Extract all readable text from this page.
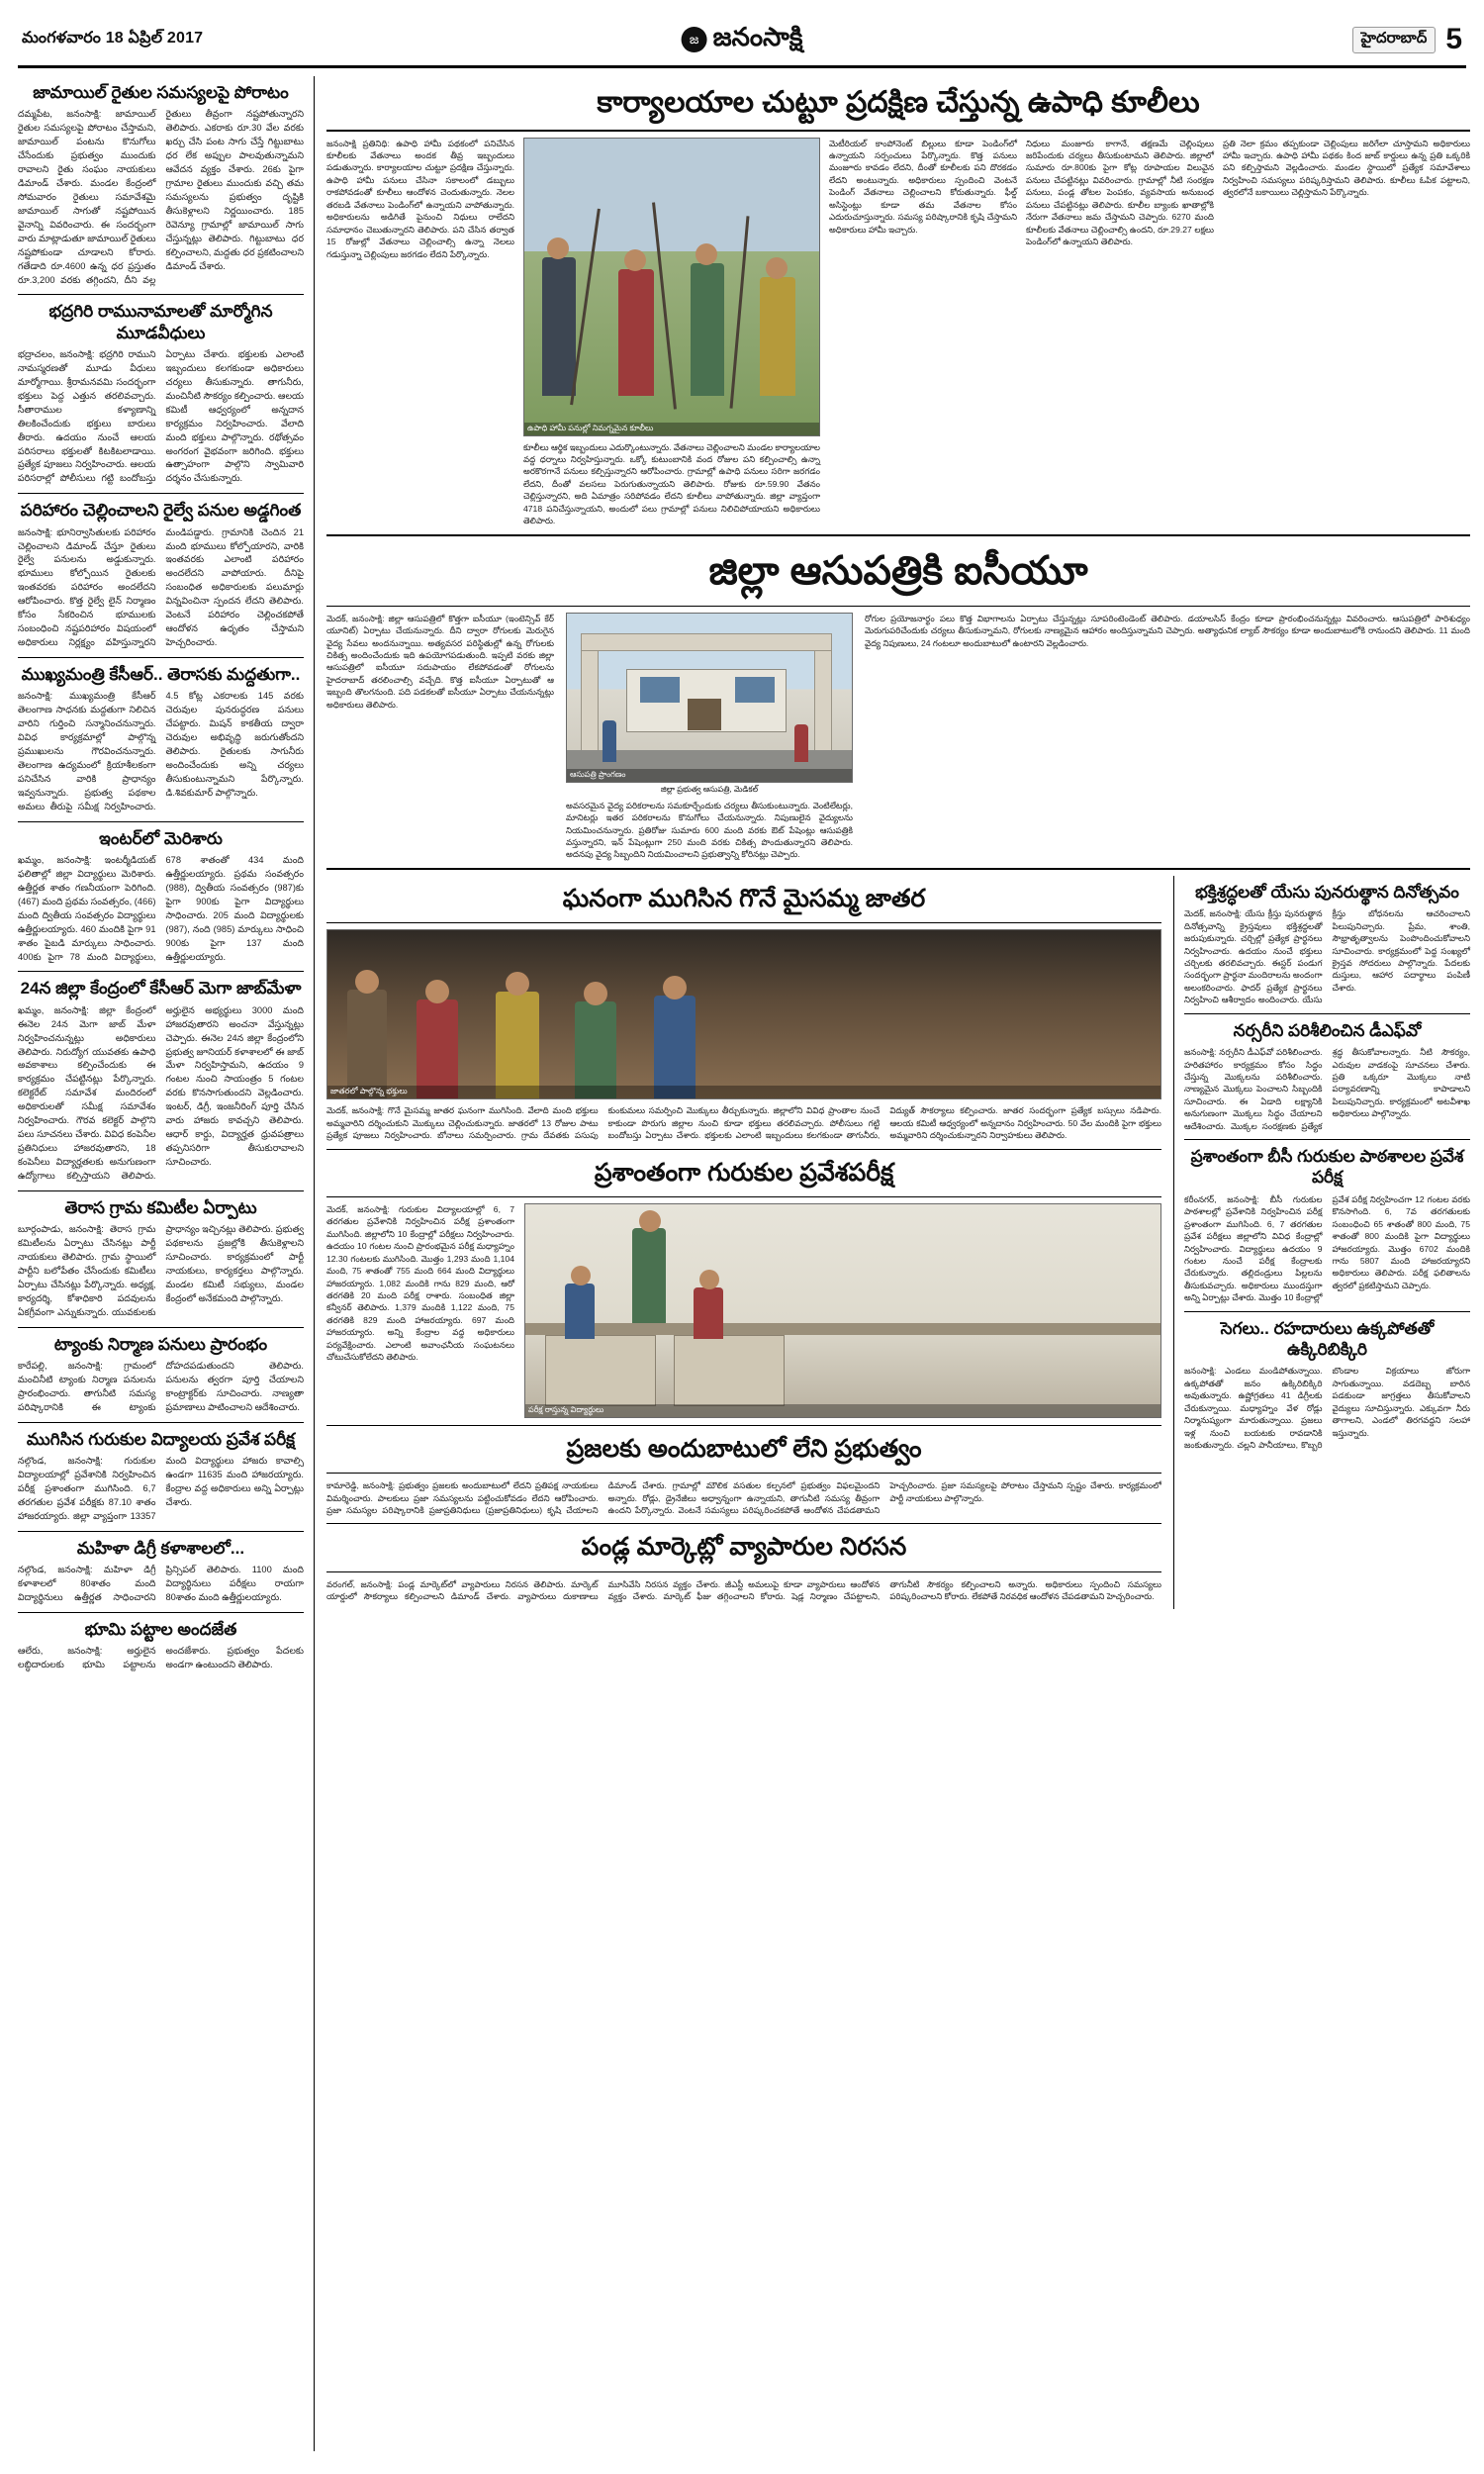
మంగళవారం 18 ఏప్రిల్ 2017	జ జనంసాక్షి	హైదరాబాద్ 5
జామాయిల్ రైతుల సమస్యలపై పోరాటం
దమ్మపేట, జనంసాక్షి: జామాయిల్ రైతుల సమస్యలపై పోరాటం చేస్తామని, జామాయిల్ పంటను కొనుగోలు చేసేందుకు ప్రభుత్వం ముందుకు రావాలని రైతు సంఘం నాయకులు డిమాండ్ చేశారు. మండల కేంద్రంలో సోమవారం రైతులు సమావేశమై జామాయిల్ సాగుతో నష్టపోయిన వైనాన్ని వివరించారు. ఈ సందర్భంగా వారు మాట్లాడుతూ జామాయిల్ రైతులు నష్టపోకుండా చూడాలని కోరారు. గతేడాది రూ.4600 ఉన్న ధర ప్రస్తుతం రూ.3,200 వరకు తగ్గిందని, దీని వల్ల రైతులు తీవ్రంగా నష్టపోతున్నారని తెలిపారు. ఎకరాకు రూ.30 వేల వరకు ఖర్చు చేసి పంట సాగు చేస్తే గిట్టుబాటు ధర లేక అప్పుల పాలవుతున్నామని ఆవేదన వ్యక్తం చేశారు. 26కు పైగా గ్రామాల రైతులు ముందుకు వచ్చి తమ సమస్యలను ప్రభుత్వం దృష్టికి తీసుకెళ్లాలని నిర్ణయించారు. 185 రెవెన్యూ గ్రామాల్లో జామాయిల్ సాగు చేస్తున్నట్లు తెలిపారు. గిట్టుబాటు ధర కల్పించాలని, మద్దతు ధర ప్రకటించాలని డిమాండ్ చేశారు.
భద్రగిరి రామునామాలతో మార్మోగిన మూడవీధులు
భద్రాచలం, జనంసాక్షి: భద్రగిరి రాముని నామస్మరణతో మూడు వీధులు మార్మోగాయి. శ్రీరామనవమి సందర్భంగా భక్తులు పెద్ద ఎత్తున తరలివచ్చారు. సీతారాముల కళ్యాణాన్ని తిలకించేందుకు భక్తులు బారులు తీరారు. ఉదయం నుంచే ఆలయ పరిసరాలు భక్తులతో కిటకిటలాడాయి. ప్రత్యేక పూజలు నిర్వహించారు. ఆలయ పరిసరాల్లో పోలీసులు గట్టి బందోబస్తు ఏర్పాటు చేశారు. భక్తులకు ఎలాంటి ఇబ్బందులు కలగకుండా అధికారులు చర్యలు తీసుకున్నారు. తాగునీరు, మంచినీటి సౌకర్యం కల్పించారు. ఆలయ కమిటీ ఆధ్వర్యంలో అన్నదాన కార్యక్రమం నిర్వహించారు. వేలాది మంది భక్తులు పాల్గొన్నారు. రథోత్సవం అంగరంగ వైభవంగా జరిగింది. భక్తులు ఉత్సాహంగా పాల్గొని స్వామివారి దర్శనం చేసుకున్నారు.
పరిహారం చెల్లించాలని రైల్వే పనుల అడ్డగింత
జనంసాక్షి: భూనిర్వాసితులకు పరిహారం చెల్లించాలని డిమాండ్ చేస్తూ రైతులు రైల్వే పనులను అడ్డుకున్నారు. భూములు కోల్పోయిన రైతులకు ఇంతవరకు పరిహారం అందలేదని ఆరోపించారు. కొత్త రైల్వే లైన్ నిర్మాణం కోసం సేకరించిన భూములకు సంబంధించి నష్టపరిహారం విషయంలో అధికారులు నిర్లక్ష్యం వహిస్తున్నారని మండిపడ్డారు. గ్రామానికి చెందిన 21 మంది భూములు కోల్పోయారని, వారికి ఇంతవరకు ఎలాంటి పరిహారం అందలేదని వాపోయారు. దీనిపై సంబంధిత అధికారులకు పలుమార్లు విన్నవించినా స్పందన లేదని తెలిపారు. వెంటనే పరిహారం చెల్లించకపోతే ఆందోళన ఉధృతం చేస్తామని హెచ్చరించారు.
ముఖ్యమంత్రి కేసీఆర్.. తెరాసకు మద్దతుగా..
జనంసాక్షి: ముఖ్యమంత్రి కేసీఆర్ తెలంగాణ సాధనకు మద్దతుగా నిలిచిన వారిని గుర్తించి సన్మానించనున్నారు. వివిధ కార్యక్రమాల్లో పాల్గొన్న ప్రముఖులను గౌరవించనున్నారు. తెలంగాణ ఉద్యమంలో క్రియాశీలకంగా పనిచేసిన వారికి ప్రాధాన్యం ఇవ్వనున్నారు. ప్రభుత్వ పథకాల అమలు తీరుపై సమీక్ష నిర్వహించారు. 4.5 కోట్ల ఎకరాలకు 145 వరకు చెరువుల పునరుద్ధరణ పనులు చేపట్టారు. మిషన్ కాకతీయ ద్వారా చెరువుల అభివృద్ధి జరుగుతోందని తెలిపారు. రైతులకు సాగునీరు అందించేందుకు అన్ని చర్యలు తీసుకుంటున్నామని పేర్కొన్నారు. డి.శివకుమార్ పాల్గొన్నారు.
ఇంటర్‌లో మెరిశారు
ఖమ్మం, జనంసాక్షి: ఇంటర్మీడియట్ ఫలితాల్లో జిల్లా విద్యార్థులు మెరిశారు. ఉత్తీర్ణత శాతం గణనీయంగా పెరిగింది. (467) మంది ప్రథమ సంవత్సరం, (466) మంది ద్వితీయ సంవత్సరం విద్యార్థులు ఉత్తీర్ణులయ్యారు. 460 మందికి పైగా 91 శాతం పైబడి మార్కులు సాధించారు. 400కు పైగా 78 మంది విద్యార్థులు, 678 శాతంతో 434 మంది ఉత్తీర్ణులయ్యారు. ప్రథమ సంవత్సరం (988), ద్వితీయ సంవత్సరం (987)కు పైగా 900కు పైగా విద్యార్థులు సాధించారు. 205 మంది విద్యార్థులకు (987), నంది (985) మార్కులు సాధించి 900కు పైగా 137 మంది ఉత్తీర్ణులయ్యారు.
24న జిల్లా కేంద్రంలో కేసీఆర్ మెగా జాబ్‌మేళా
ఖమ్మం, జనంసాక్షి: జిల్లా కేంద్రంలో ఈనెల 24న మెగా జాబ్ మేళా నిర్వహించనున్నట్లు అధికారులు తెలిపారు. నిరుద్యోగ యువతకు ఉపాధి అవకాశాలు కల్పించేందుకు ఈ కార్యక్రమం చేపట్టినట్లు పేర్కొన్నారు. కలెక్టరేట్ సమావేశ మందిరంలో అధికారులతో సమీక్ష సమావేశం నిర్వహించారు. గౌరవ కలెక్టర్ పాల్గొని పలు సూచనలు చేశారు. వివిధ కంపెనీల ప్రతినిధులు హాజరవుతారని, 18 కంపెనీలు విద్యార్హతలకు అనుగుణంగా ఉద్యోగాలు కల్పిస్తాయని తెలిపారు. అర్హులైన అభ్యర్థులు 3000 మంది హాజరవుతారని అంచనా వేస్తున్నట్లు చెప్పారు. ఈనెల 24న జిల్లా కేంద్రంలోని ప్రభుత్వ జూనియర్ కళాశాలలో ఈ జాబ్ మేళా నిర్వహిస్తామని, ఉదయం 9 గంటల నుంచి సాయంత్రం 5 గంటల వరకు కొనసాగుతుందని వెల్లడించారు. ఇంటర్, డిగ్రీ, ఇంజనీరింగ్ పూర్తి చేసిన వారు హాజరు కావచ్చని తెలిపారు. ఆధార్ కార్డు, విద్యార్హత ధ్రువపత్రాలు తప్పనిసరిగా తీసుకురావాలని సూచించారు.
తెరాస గ్రామ కమిటీల ఏర్పాటు
బూర్గంపాడు, జనంసాక్షి: తెరాస గ్రామ కమిటీలను ఏర్పాటు చేసినట్లు పార్టీ నాయకులు తెలిపారు. గ్రామ స్థాయిలో పార్టీని బలోపేతం చేసేందుకు కమిటీలు ఏర్పాటు చేసినట్లు పేర్కొన్నారు. అధ్యక్ష, కార్యదర్శి, కోశాధికారి పదవులను ఏకగ్రీవంగా ఎన్నుకున్నారు. యువకులకు ప్రాధాన్యం ఇచ్చినట్లు తెలిపారు. ప్రభుత్వ పథకాలను ప్రజల్లోకి తీసుకెళ్లాలని సూచించారు. కార్యక్రమంలో పార్టీ నాయకులు, కార్యకర్తలు పాల్గొన్నారు. మండల కమిటీ సభ్యులు, మండల కేంద్రంలో అనేకమంది పాల్గొన్నారు.
ట్యాంకు నిర్మాణ పనులు ప్రారంభం
కారేపల్లి, జనంసాక్షి: గ్రామంలో మంచినీటి ట్యాంకు నిర్మాణ పనులను ప్రారంభించారు. తాగునీటి సమస్య పరిష్కారానికి ఈ ట్యాంకు దోహదపడుతుందని తెలిపారు. పనులను త్వరగా పూర్తి చేయాలని కాంట్రాక్టర్‌కు సూచించారు. నాణ్యతా ప్రమాణాలు పాటించాలని ఆదేశించారు.
ముగిసిన గురుకుల విద్యాలయ ప్రవేశ పరీక్ష
నల్గొండ, జనంసాక్షి: గురుకుల విద్యాలయాల్లో ప్రవేశానికి నిర్వహించిన పరీక్ష ప్రశాంతంగా ముగిసింది. 6,7 తరగతుల ప్రవేశ పరీక్షకు 87.10 శాతం హాజరయ్యారు. జిల్లా వ్యాప్తంగా 13357 మంది విద్యార్థులు హాజరు కావాల్సి ఉండగా 11635 మంది హాజరయ్యారు. కేంద్రాల వద్ద అధికారులు అన్ని ఏర్పాట్లు చేశారు.
మహిళా డిగ్రీ కళాశాలలో...
నల్గొండ, జనంసాక్షి: మహిళా డిగ్రీ కళాశాలలో 80శాతం మంది విద్యార్థినులు ఉత్తీర్ణత సాధించారని ప్రిన్సిపల్ తెలిపారు. 1100 మంది విద్యార్థినులు పరీక్షలు రాయగా 80శాతం మంది ఉత్తీర్ణులయ్యారు.
భూమి పట్టాల అందజేత
ఆలేరు, జనంసాక్షి: అర్హులైన లబ్ధిదారులకు భూమి పట్టాలను అందజేశారు. ప్రభుత్వం పేదలకు అండగా ఉంటుందని తెలిపారు.
కార్యాలయాల చుట్టూ ప్రదక్షిణ చేస్తున్న ఉపాధి కూలీలు
జనంసాక్షి ప్రతినిధి: ఉపాధి హామీ పథకంలో పనిచేసిన కూలీలకు వేతనాలు అందక తీవ్ర ఇబ్బందులు పడుతున్నారు. కార్యాలయాల చుట్టూ ప్రదక్షిణ చేస్తున్నారు. ఉపాధి హామీ పనులు చేసినా సకాలంలో డబ్బులు రాకపోవడంతో కూలీలు ఆందోళన చెందుతున్నారు. నెలల తరబడి వేతనాలు పెండింగ్‌లో ఉన్నాయని వాపోతున్నారు. అధికారులను అడిగితే పైనుంచి నిధులు రాలేదని సమాధానం చెబుతున్నారని తెలిపారు. పని చేసిన తర్వాత 15 రోజుల్లో వేతనాలు చెల్లించాల్సి ఉన్నా నెలలు గడుస్తున్నా చెల్లింపులు జరగడం లేదని పేర్కొన్నారు.
ఉపాధి హామీ పనుల్లో నిమగ్నమైన కూలీలు
కూలీలు ఆర్థిక ఇబ్బందులు ఎదుర్కొంటున్నారు. వేతనాలు చెల్లించాలని మండల కార్యాలయాల వద్ద ధర్నాలు నిర్వహిస్తున్నారు. ఒక్కో కుటుంబానికి వంద రోజుల పని కల్పించాల్సి ఉన్నా అరకొరగానే పనులు కల్పిస్తున్నారని ఆరోపించారు. గ్రామాల్లో ఉపాధి పనులు సరిగా జరగడం లేదని, దీంతో వలసలు పెరుగుతున్నాయని తెలిపారు. రోజుకు రూ.59.90 వేతనం చెల్లిస్తున్నారని, అది ఏమాత్రం సరిపోవడం లేదని కూలీలు వాపోతున్నారు. జిల్లా వ్యాప్తంగా 4718 పనిచేస్తున్నాయని, అందులో పలు గ్రామాల్లో పనులు నిలిచిపోయాయని అధికారులు తెలిపారు.
మెటీరియల్ కాంపోనెంట్ బిల్లులు కూడా పెండింగ్‌లో ఉన్నాయని సర్పంచులు పేర్కొన్నారు. కొత్త పనులు మంజూరు కావడం లేదని, దీంతో కూలీలకు పని దొరకడం లేదని అంటున్నారు. అధికారులు స్పందించి వెంటనే పెండింగ్ వేతనాలు చెల్లించాలని కోరుతున్నారు. ఫీల్డ్ అసిస్టెంట్లు కూడా తమ వేతనాల కోసం ఎదురుచూస్తున్నారు. సమస్య పరిష్కారానికి కృషి చేస్తామని అధికారులు హామీ ఇచ్చారు.
నిధులు మంజూరు కాగానే, తక్షణమే చెల్లింపులు జరిపేందుకు చర్యలు తీసుకుంటామని తెలిపారు. జిల్లాలో సుమారు రూ.800కు పైగా కోట్ల రూపాయల విలువైన పనులు చేపట్టినట్లు వివరించారు. గ్రామాల్లో నీటి సంరక్షణ పనులు, పండ్ల తోటల పెంపకం, వ్యవసాయ అనుబంధ పనులు చేపట్టినట్లు తెలిపారు. కూలీల బ్యాంకు ఖాతాల్లోకి నేరుగా వేతనాలు జమ చేస్తామని చెప్పారు. 6270 మంది కూలీలకు వేతనాలు చెల్లించాల్సి ఉందని, రూ.29.27 లక్షలు పెండింగ్‌లో ఉన్నాయని తెలిపారు.
ప్రతి నెలా క్రమం తప్పకుండా చెల్లింపులు జరిగేలా చూస్తామని అధికారులు హామీ ఇచ్చారు. ఉపాధి హామీ పథకం కింద జాబ్ కార్డులు ఉన్న ప్రతి ఒక్కరికి పని కల్పిస్తామని వెల్లడించారు. మండల స్థాయిలో ప్రత్యేక సమావేశాలు నిర్వహించి సమస్యలు పరిష్కరిస్తామని తెలిపారు. కూలీలు ఓపిక పట్టాలని, త్వరలోనే బకాయిలు చెల్లిస్తామని పేర్కొన్నారు.
జిల్లా ఆసుపత్రికి ఐసీయూ
మెదక్, జనంసాక్షి: జిల్లా ఆసుపత్రిలో కొత్తగా ఐసీయూ (ఇంటెన్సివ్ కేర్ యూనిట్) ఏర్పాటు చేయనున్నారు. దీని ద్వారా రోగులకు మెరుగైన వైద్య సేవలు అందనున్నాయి. అత్యవసర పరిస్థితుల్లో ఉన్న రోగులకు చికిత్స అందించేందుకు ఇది ఉపయోగపడుతుంది. ఇప్పటి వరకు జిల్లా ఆసుపత్రిలో ఐసీయూ సదుపాయం లేకపోవడంతో రోగులను హైదరాబాద్ తరలించాల్సి వచ్చేది. కొత్త ఐసీయూ ఏర్పాటుతో ఆ ఇబ్బంది తొలగనుంది. పది పడకలతో ఐసీయూ ఏర్పాటు చేయనున్నట్లు అధికారులు తెలిపారు.
ఆసుపత్రి ప్రాంగణం
జిల్లా ప్రభుత్వ ఆసుపత్రి, మెడికల్
అవసరమైన వైద్య పరికరాలను సమకూర్చేందుకు చర్యలు తీసుకుంటున్నారు. వెంటిలేటర్లు, మానిటర్లు ఇతర పరికరాలను కొనుగోలు చేయనున్నారు. నిపుణులైన వైద్యులను నియమించనున్నారు. ప్రతిరోజు సుమారు 600 మంది వరకు ఔట్ పేషెంట్లు ఆసుపత్రికి వస్తున్నారని, ఇన్ పేషెంట్లుగా 250 మంది వరకు చికిత్స పొందుతున్నారని తెలిపారు. అదనపు వైద్య సిబ్బందిని నియమించాలని ప్రభుత్వాన్ని కోరినట్లు చెప్పారు.
రోగుల ప్రయోజనార్థం పలు కొత్త విభాగాలను ఏర్పాటు చేస్తున్నట్లు సూపరింటెండెంట్ తెలిపారు. డయాలసిస్ కేంద్రం కూడా ప్రారంభించనున్నట్లు వివరించారు. ఆసుపత్రిలో పారిశుధ్యం మెరుగుపరిచేందుకు చర్యలు తీసుకున్నామని, రోగులకు నాణ్యమైన ఆహారం అందిస్తున్నామని చెప్పారు. అత్యాధునిక ల్యాబ్ సౌకర్యం కూడా అందుబాటులోకి రానుందని తెలిపారు. 11 మంది వైద్య నిపుణులు, 24 గంటలూ అందుబాటులో ఉంటారని వెల్లడించారు.
ఘనంగా ముగిసిన గొనే మైసమ్మ జాతర
జాతరలో పాల్గొన్న భక్తులు
మెదక్, జనంసాక్షి: గొనే మైసమ్మ జాతర ఘనంగా ముగిసింది. వేలాది మంది భక్తులు అమ్మవారిని దర్శించుకుని మొక్కులు చెల్లించుకున్నారు. జాతరలో 13 రోజుల పాటు ప్రత్యేక పూజలు నిర్వహించారు. బోనాలు సమర్పించారు. గ్రామ దేవతకు పసుపు కుంకుమలు సమర్పించి మొక్కులు తీర్చుకున్నారు. జిల్లాలోని వివిధ ప్రాంతాల నుంచే కాకుండా పొరుగు జిల్లాల నుంచి కూడా భక్తులు తరలివచ్చారు. పోలీసులు గట్టి బందోబస్తు ఏర్పాటు చేశారు. భక్తులకు ఎలాంటి ఇబ్బందులు కలగకుండా తాగునీరు, విద్యుత్ సౌకర్యాలు కల్పించారు. జాతర సందర్భంగా ప్రత్యేక బస్సులు నడిపారు. ఆలయ కమిటీ ఆధ్వర్యంలో అన్నదానం నిర్వహించారు. 50 వేల మందికి పైగా భక్తులు అమ్మవారిని దర్శించుకున్నారని నిర్వాహకులు తెలిపారు.
ప్రశాంతంగా గురుకుల ప్రవేశపరీక్ష
మెదక్, జనంసాక్షి: గురుకుల విద్యాలయాల్లో 6, 7 తరగతుల ప్రవేశానికి నిర్వహించిన పరీక్ష ప్రశాంతంగా ముగిసింది. జిల్లాలోని 10 కేంద్రాల్లో పరీక్షలు నిర్వహించారు. ఉదయం 10 గంటల నుంచి ప్రారంభమైన పరీక్ష మధ్యాహ్నం 12.30 గంటలకు ముగిసింది. మొత్తం 1,293 మంది 1,104 మంది, 75 శాతంతో 755 మంది 664 మంది విద్యార్థులు హాజరయ్యారు. 1,082 మందికి గాను 829 మంది, ఆరో తరగతికి 20 మంది పరీక్ష రాశారు. సంబంధిత జిల్లా కన్వీనర్ తెలిపారు. 1,379 మందికి 1,122 మంది, 75 తరగతికి 829 మంది హాజరయ్యారు. 697 మంది హాజరయ్యారు. అన్ని కేంద్రాల వద్ద అధికారులు పర్యవేక్షించారు. ఎలాంటి అవాంఛనీయ సంఘటనలు చోటుచేసుకోలేదని తెలిపారు.
పరీక్ష రాస్తున్న విద్యార్థులు
ప్రజలకు అందుబాటులో లేని ప్రభుత్వం
కామారెడ్డి, జనంసాక్షి: ప్రభుత్వం ప్రజలకు అందుబాటులో లేదని ప్రతిపక్ష నాయకులు విమర్శించారు. పాలకులు ప్రజా సమస్యలను పట్టించుకోవడం లేదని ఆరోపించారు. ప్రజా సమస్యల పరిష్కారానికి ప్రజాప్రతినిధులు (ప్రజాప్రతినిధులు) కృషి చేయాలని డిమాండ్ చేశారు. గ్రామాల్లో మౌలిక వసతుల కల్పనలో ప్రభుత్వం విఫలమైందని అన్నారు. రోడ్లు, డ్రైనేజీలు అధ్వాన్నంగా ఉన్నాయని, తాగునీటి సమస్య తీవ్రంగా ఉందని పేర్కొన్నారు. వెంటనే సమస్యలు పరిష్కరించకపోతే ఆందోళన చేపడతామని హెచ్చరించారు. ప్రజా సమస్యలపై పోరాటం చేస్తామని స్పష్టం చేశారు. కార్యక్రమంలో పార్టీ నాయకులు పాల్గొన్నారు.
పండ్ల మార్కెట్లో వ్యాపారుల నిరసన
వరంగల్, జనంసాక్షి: పండ్ల మార్కెట్‌లో వ్యాపారులు నిరసన తెలిపారు. మార్కెట్ యార్డులో సౌకర్యాలు కల్పించాలని డిమాండ్ చేశారు. వ్యాపారులు దుకాణాలు మూసివేసి నిరసన వ్యక్తం చేశారు. జీఎస్టీ అమలుపై కూడా వ్యాపారులు ఆందోళన వ్యక్తం చేశారు. మార్కెట్ ఫీజు తగ్గించాలని కోరారు. షెడ్ల నిర్మాణం చేపట్టాలని, తాగునీటి సౌకర్యం కల్పించాలని అన్నారు. అధికారులు స్పందించి సమస్యలు పరిష్కరించాలని కోరారు. లేకపోతే నిరవధిక ఆందోళన చేపడతామని హెచ్చరించారు.
భక్తిశ్రద్ధలతో యేసు పునరుత్థాన దినోత్సవం
మెదక్, జనంసాక్షి: యేసు క్రీస్తు పునరుత్థాన దినోత్సవాన్ని క్రైస్తవులు భక్తిశ్రద్ధలతో జరుపుకున్నారు. చర్చిల్లో ప్రత్యేక ప్రార్థనలు నిర్వహించారు. ఉదయం నుంచే భక్తులు చర్చిలకు తరలివచ్చారు. ఈస్టర్ పండుగ సందర్భంగా ప్రార్థనా మందిరాలను అందంగా అలంకరించారు. ఫాదర్ ప్రత్యేక ప్రార్థనలు నిర్వహించి ఆశీర్వాదం అందించారు. యేసు క్రీస్తు బోధనలను ఆచరించాలని పిలుపునిచ్చారు. ప్రేమ, శాంతి, సౌభ్రాతృత్వాలను పెంపొందించుకోవాలని సూచించారు. కార్యక్రమంలో పెద్ద సంఖ్యలో క్రైస్తవ సోదరులు పాల్గొన్నారు. పేదలకు దుస్తులు, ఆహార పదార్థాలు పంపిణీ చేశారు.
నర్సరీని పరిశీలించిన డీఎఫ్‌వో
జనంసాక్షి: నర్సరీని డీఎఫ్‌వో పరిశీలించారు. హరితహారం కార్యక్రమం కోసం సిద్ధం చేస్తున్న మొక్కలను పరిశీలించారు. నాణ్యమైన మొక్కలు పెంచాలని సిబ్బందికి సూచించారు. ఈ ఏడాది లక్ష్యానికి అనుగుణంగా మొక్కలు సిద్ధం చేయాలని ఆదేశించారు. మొక్కల సంరక్షణకు ప్రత్యేక శ్రద్ధ తీసుకోవాలన్నారు. నీటి సౌకర్యం, ఎరువుల వాడకంపై సూచనలు చేశారు. ప్రతి ఒక్కరూ మొక్కలు నాటి పర్యావరణాన్ని కాపాడాలని పిలుపునిచ్చారు. కార్యక్రమంలో అటవీశాఖ అధికారులు పాల్గొన్నారు.
ప్రశాంతంగా బీసీ గురుకుల పాఠశాలల ప్రవేశ పరీక్ష
కరీంనగర్, జనంసాక్షి: బీసీ గురుకుల పాఠశాలల్లో ప్రవేశానికి నిర్వహించిన పరీక్ష ప్రశాంతంగా ముగిసింది. 6, 7 తరగతుల ప్రవేశ పరీక్షలు జిల్లాలోని వివిధ కేంద్రాల్లో నిర్వహించారు. విద్యార్థులు ఉదయం 9 గంటల నుంచే పరీక్ష కేంద్రాలకు చేరుకున్నారు. తల్లిదండ్రులు పిల్లలను తీసుకువచ్చారు. అధికారులు ముందస్తుగా అన్ని ఏర్పాట్లు చేశారు. మొత్తం 10 కేంద్రాల్లో ప్రవేశ పరీక్ష నిర్వహించగా 12 గంటల వరకు కొనసాగింది. 6, 7వ తరగతులకు సంబంధించి 65 శాతంతో 800 మంది, 75 శాతంతో 800 మందికి పైగా విద్యార్థులు హాజరయ్యారు. మొత్తం 6702 మందికి గాను 5807 మంది హాజరయ్యారని అధికారులు తెలిపారు. పరీక్ష ఫలితాలను త్వరలో ప్రకటిస్తామని చెప్పారు.
సెగలు.. రహదారులు ఉక్కపోతతో ఉక్కిరిబిక్కిరి
జనంసాక్షి: ఎండలు మండిపోతున్నాయి. ఉక్కపోతతో జనం ఉక్కిరిబిక్కిరి అవుతున్నారు. ఉష్ణోగ్రతలు 41 డిగ్రీలకు చేరుకున్నాయి. మధ్యాహ్నం వేళ రోడ్లు నిర్మానుష్యంగా మారుతున్నాయి. ప్రజలు ఇళ్ల నుంచి బయటకు రావడానికి జంకుతున్నారు. చల్లని పానీయాలు, కొబ్బరి బొండాల విక్రయాలు జోరుగా సాగుతున్నాయి. వడదెబ్బ బారిన పడకుండా జాగ్రత్తలు తీసుకోవాలని వైద్యులు సూచిస్తున్నారు. ఎక్కువగా నీరు తాగాలని, ఎండలో తిరగవద్దని సలహా ఇస్తున్నారు.
